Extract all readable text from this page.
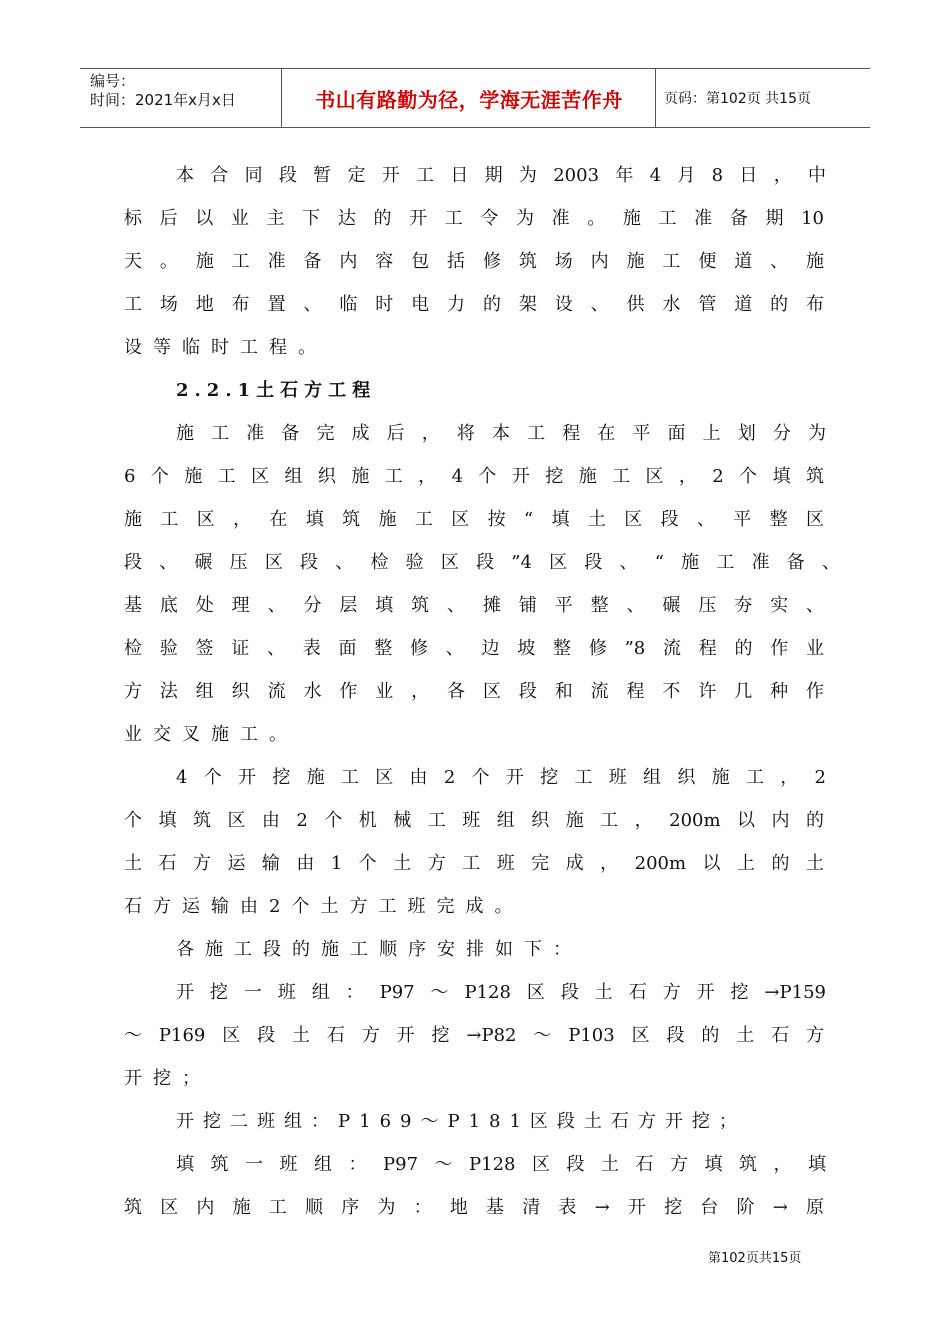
编号：
时间：2021年x月x日	书山有路勤为径，学海无涯苦作舟	页码：第102页 共15页

本合同段暂定开工日期为2003年4月8日，中

标后以业主下达的开工令为准。施工准备期10

天。施工准备内容包括修筑场内施工便道、施

工场地布置、临时电力的架设、供水管道的布

设等临时工程。

2.2.1土石方工程

施工准备完成后，将本工程在平面上划分为

6个施工区组织施工，4个开挖施工区，2个填筑

施工区，在填筑施工区按“填土区段、平整区

段、碾压区段、检验区段”4区段、“施工准备、

基底处理、分层填筑、摊铺平整、碾压夯实、

检验签证、表面整修、边坡整修”8流程的作业

方法组织流水作业，各区段和流程不许几种作

业交叉施工。

4个开挖施工区由2个开挖工班组织施工，2

个填筑区由2个机械工班组织施工，200m以内的

土石方运输由1个土方工班完成，200m以上的土

石方运输由2个土方工班完成。

各施工段的施工顺序安排如下：

开挖一班组：P97～P128区段土石方开挖→P159

～P169区段土石方开挖→P82～P103区段的土石方

开挖；

开挖二班组：P169～P181区段土石方开挖；

填筑一班组：P97～P128区段土石方填筑，填

筑区内施工顺序为：地基清表→开挖台阶→原

第102页共15页
